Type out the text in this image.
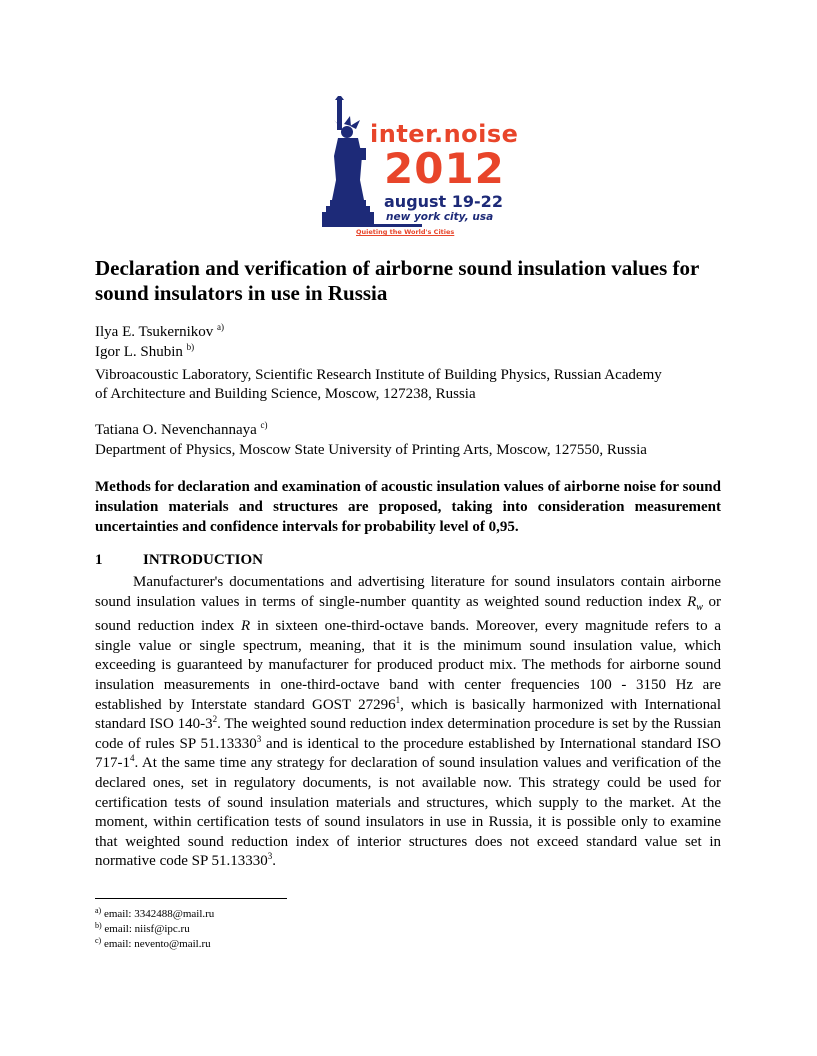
inter.noise
2012
august 19-22
new york city, usa
Quieting the World's Cities
Declaration and verification of airborne sound insulation values for sound insulators in use in Russia
Ilya E. Tsukernikov $^{a)}$
Igor L. Shubin $^{b)}$
Vibroacoustic Laboratory, Scientific Research Institute of Building Physics, Russian Academy
of Architecture and Building Science, Moscow, 127238, Russia
Tatiana O. Nevenchannaya $^{c)}$
Department of Physics, Moscow State University of Printing Arts, Moscow, 127550, Russia

Methods for declaration and examination of acoustic insulation values of airborne noise for sound insulation materials and structures are proposed, taking into consideration measurement uncertainties and confidence intervals for probability level of 0,95.

1	INTRODUCTION

Manufacturer's documentations and advertising literature for sound insulators contain airborne sound insulation values in terms of single-number quantity as weighted sound reduction index $R_w$ or sound reduction index R in sixteen one-third-octave bands. Moreover, every magnitude refers to a single value or single spectrum, meaning, that it is the minimum sound insulation value, which exceeding is guaranteed by manufacturer for produced product mix. The methods for airborne sound insulation measurements in one-third-octave band with center frequencies 100 - 3150 Hz are established by Interstate standard GOST 27296$^1$, which is basically harmonized with International standard ISO $140-3^2$. The weighted sound reduction index determination procedure is set by the Russian code of rules SP 51.13330$^3$ and is identical to the procedure established by International standard ISO $717-1^4$. At the same time any strategy for declaration of sound insulation values and verification of the declared ones, set in regulatory documents, is not available now. This strategy could be used for certification tests of sound insulation materials and structures, which supply to the market. At the moment, within certification tests of sound insulators in use in Russia, it is possible only to examine that weighted sound reduction index of interior structures does not exceed standard value set in normative code SP 51.13330$^3$.

$^{a)}$ email: 3342488@mail.ru
$^{b)}$ email: niisf@ipc.ru
$^{c)}$ email: nevento@mail.ru
